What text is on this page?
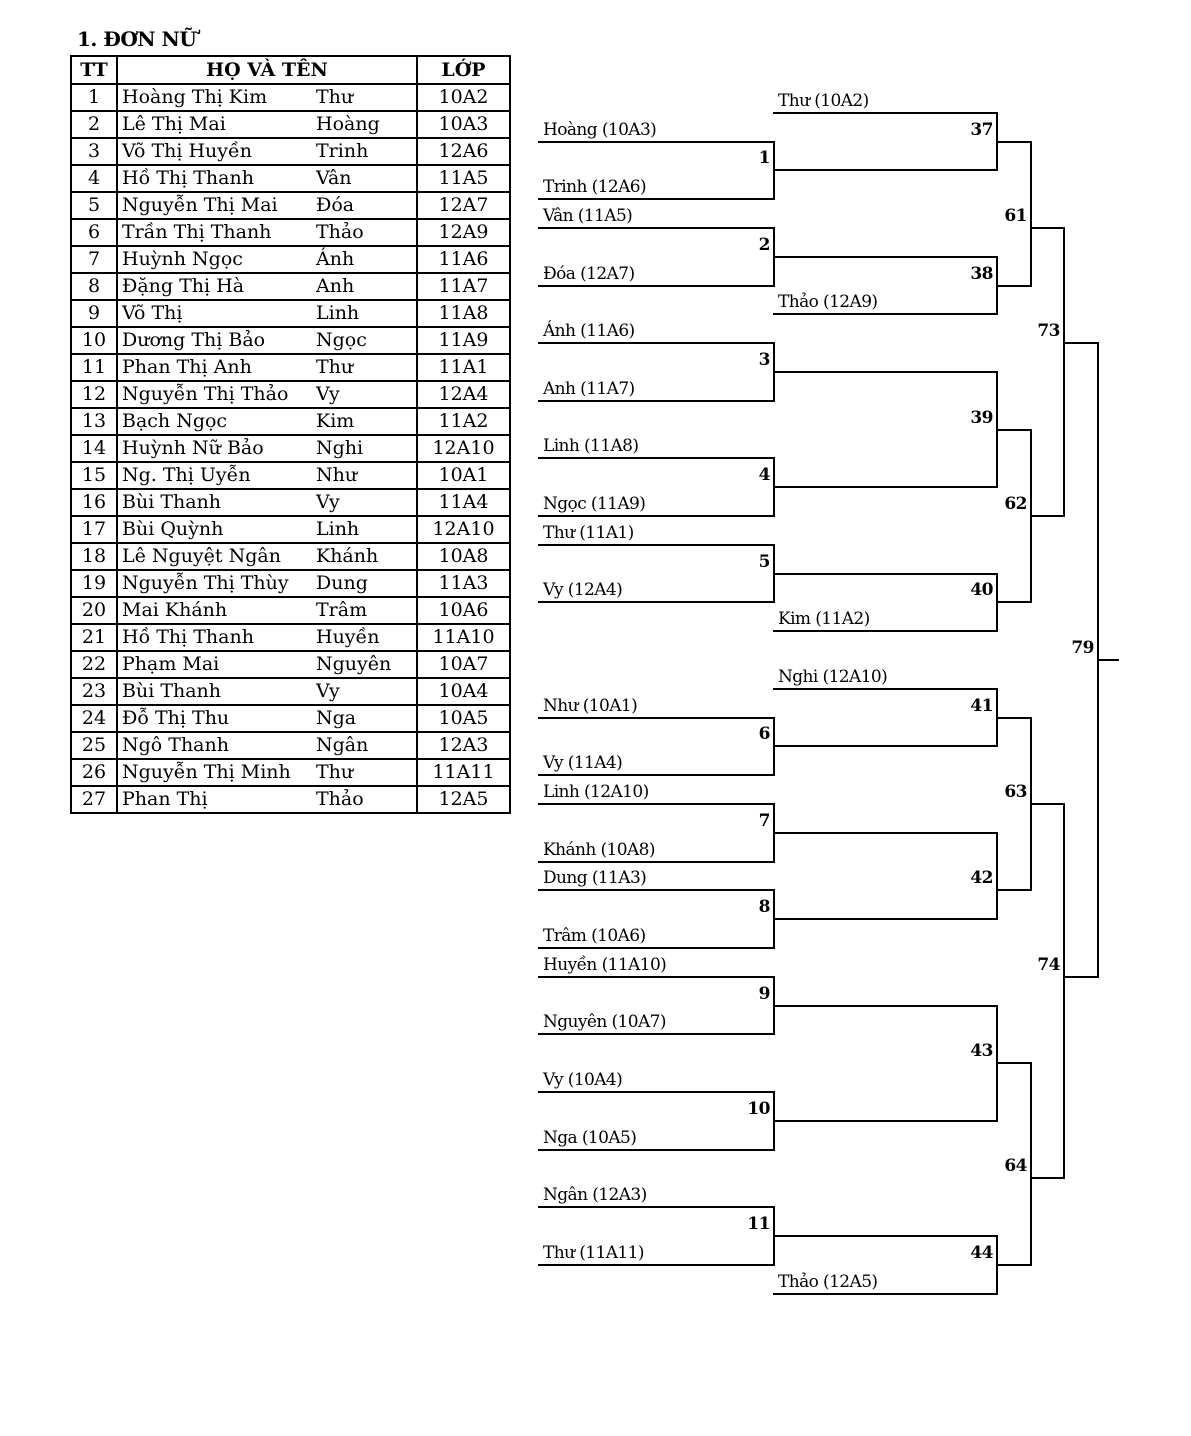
1. ĐƠN NỮ
TT	HỌ VÀ TÊN	LỚP
1	Hoàng Thị Kim Thư	10A2
2	Lê Thị Mai Hoàng	10A3
3	Võ Thị Huyền Trinh	12A6
4	Hồ Thị Thanh Vân	11A5
5	Nguyễn Thị Mai Đóa	12A7
6	Trần Thị Thanh Thảo	12A9
7	Huỳnh Ngọc Ánh	11A6
8	Đặng Thị Hà Anh	11A7
9	Võ Thị Linh	11A8
10	Dương Thị Bảo Ngọc	11A9
11	Phan Thị Anh Thư	11A1
12	Nguyễn Thị Thảo Vy	12A4
13	Bạch Ngọc Kim	11A2
14	Huỳnh Nữ Bảo Nghi	12A10
15	Ng. Thị Uyễn Như	10A1
16	Bùi Thanh Vy	11A4
17	Bùi Quỳnh Linh	12A10
18	Lê Nguyệt Ngân Khánh	10A8
19	Nguyễn Thị Thùy Dung	11A3
20	Mai Khánh Trâm	10A6
21	Hồ Thị Thanh Huyền	11A10
22	Phạm Mai Nguyên	10A7
23	Bùi Thanh Vy	10A4
24	Đỗ Thị Thu Nga	10A5
25	Ngô Thanh Ngân	12A3
26	Nguyễn Thị Minh Thư	11A11
27	Phan Thị Thảo	12A5
Hoàng (10A3)
Trinh (12A6)
1
Vân (11A5)
Đóa (12A7)
2
Ánh (11A6)
Anh (11A7)
3
Linh (11A8)
Ngọc (11A9)
4
Thư (11A1)
Vy (12A4)
5
Như (10A1)
Vy (11A4)
6
Linh (12A10)
Khánh (10A8)
7
Dung (11A3)
Trâm (10A6)
8
Huyền (11A10)
Nguyên (10A7)
9
Vy (10A4)
Nga (10A5)
10
Ngân (12A3)
Thư (11A11)
11
Thư (10A2)
Thảo (12A9)
Kim (11A2)
Nghi (12A10)
Thảo (12A5)
37
38
39
40
41
42
43
44
61
62
63
64
73
74
79
